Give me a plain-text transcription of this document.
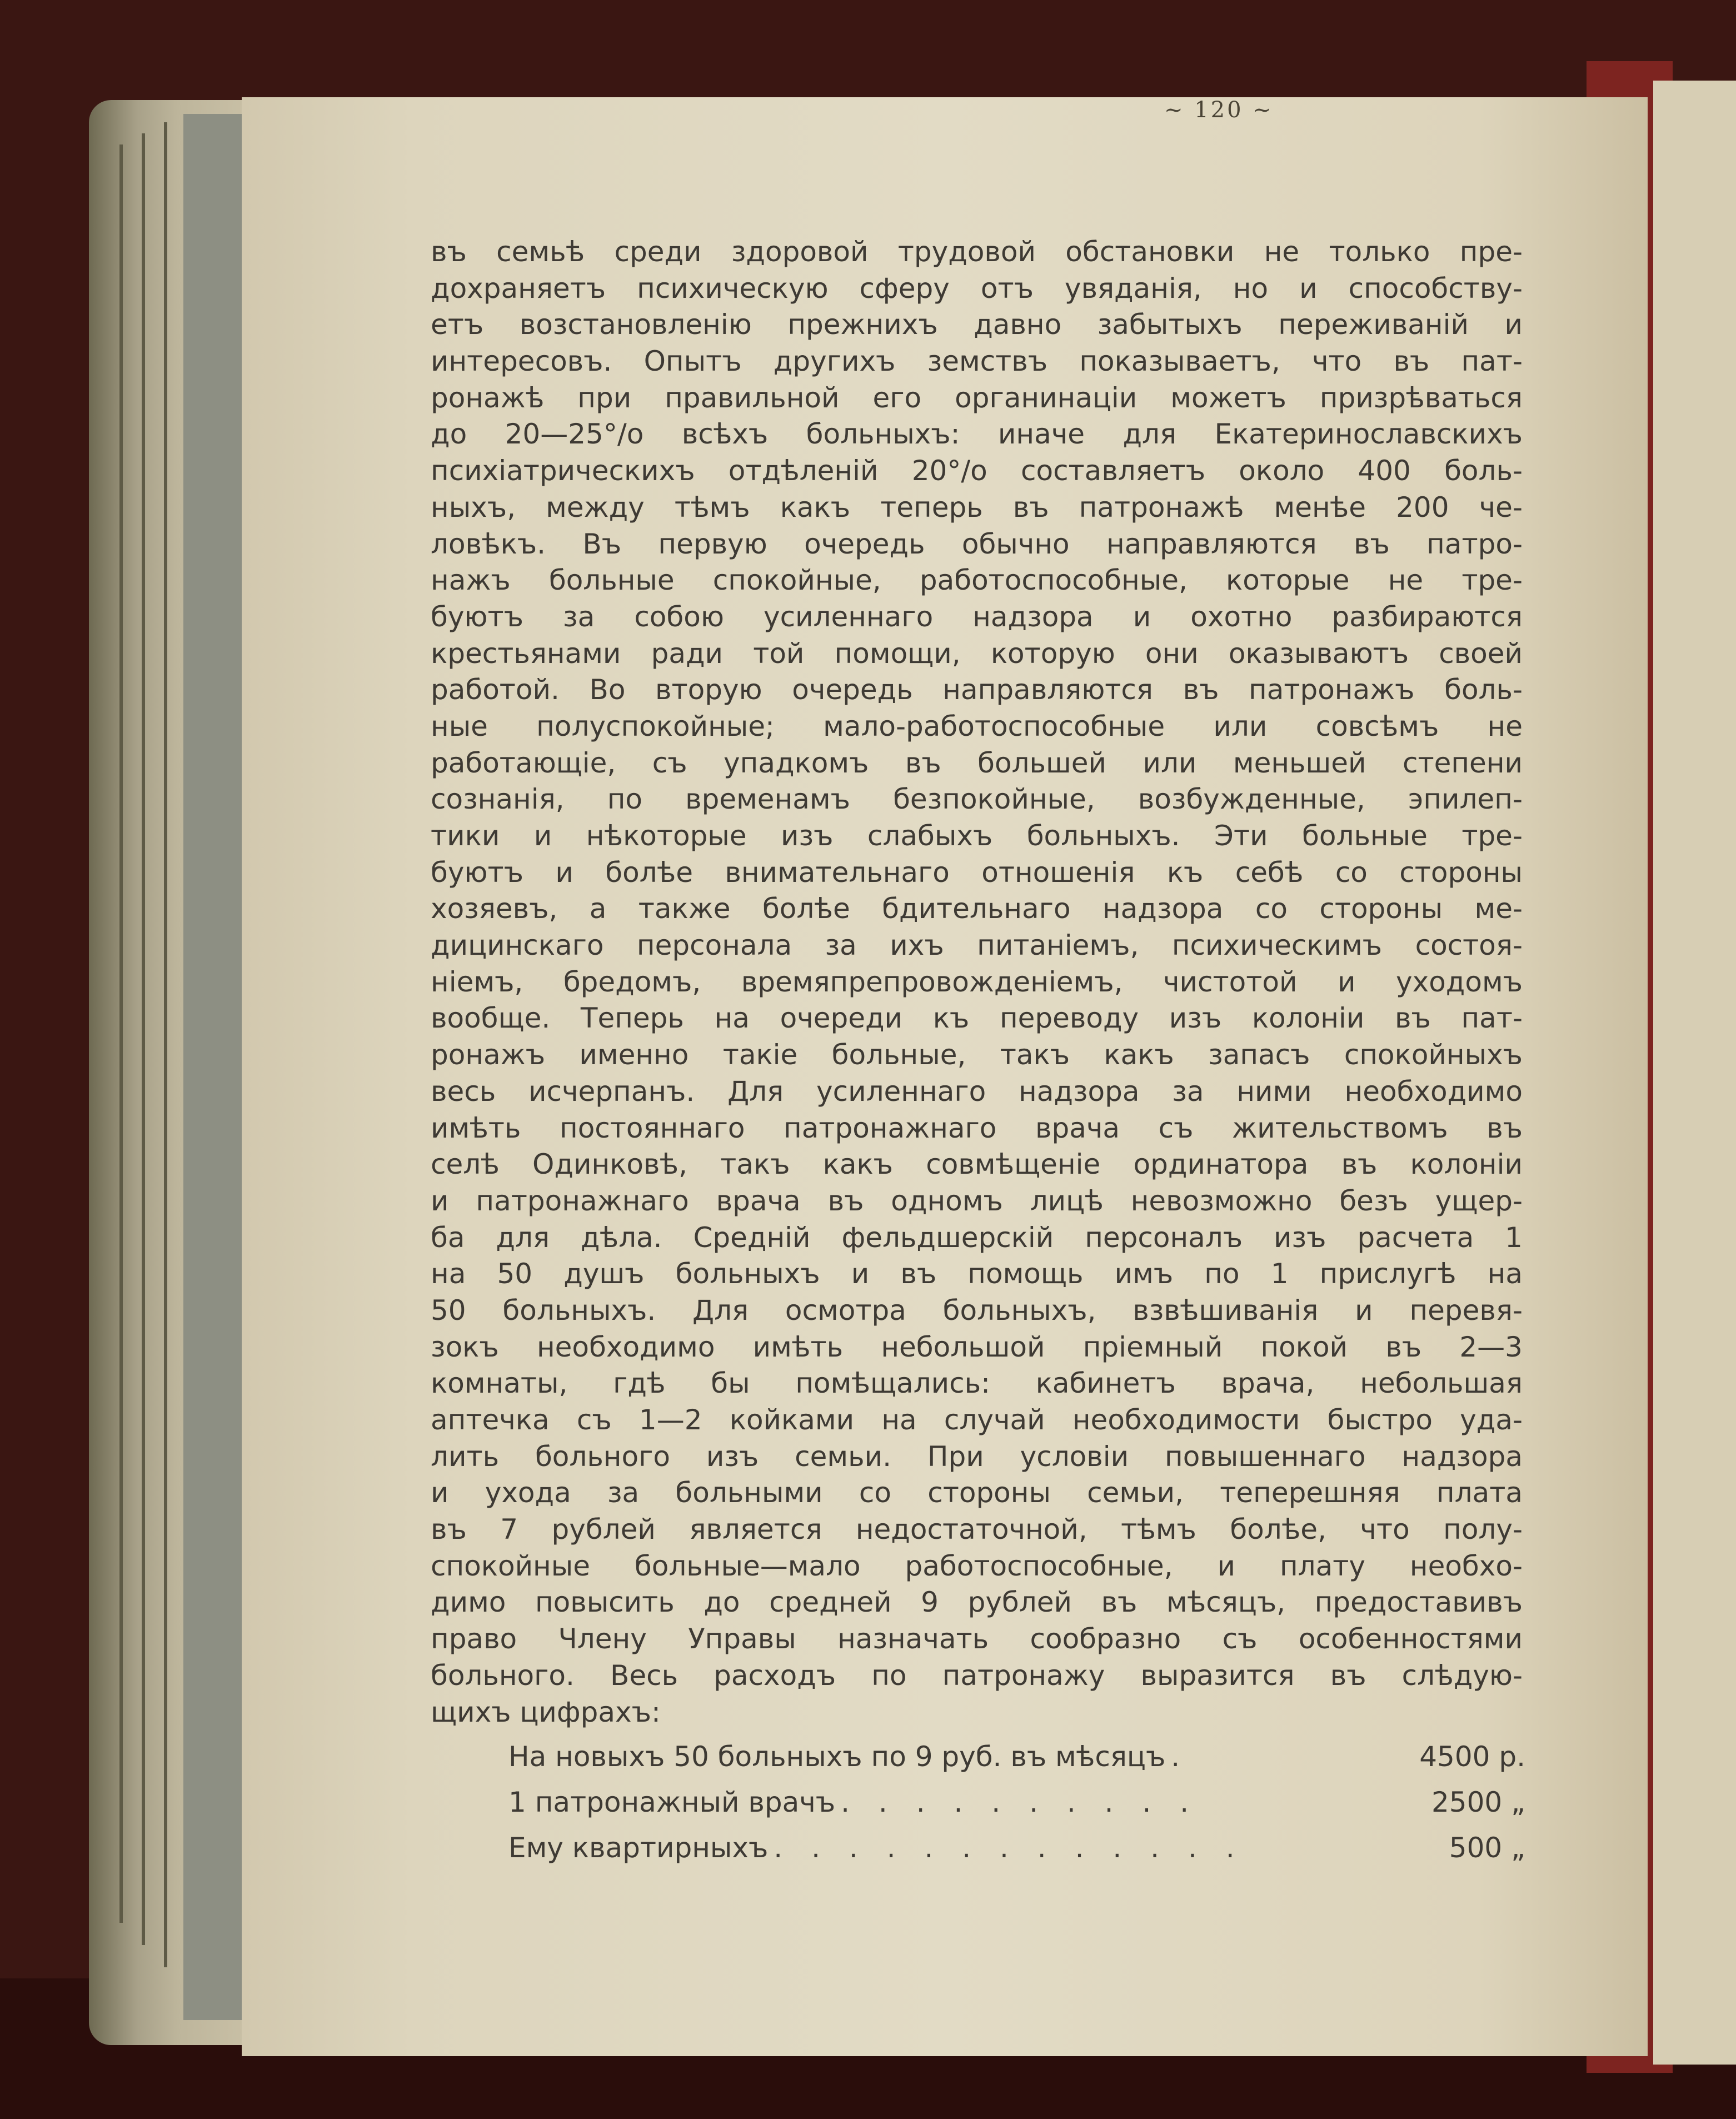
~ 120 ~
въ семьѣ среди здоровой трудовой обстановки не только пре-
дохраняетъ психическую сферу отъ увяданія, но и способству-
етъ возстановленію прежнихъ давно забытыхъ переживаній и
интересовъ. Опытъ другихъ земствъ показываетъ, что въ пат-
ронажѣ при правильной его органинаціи можетъ призрѣваться
до 20—25°/o всѣхъ больныхъ: иначе для Екатеринославскихъ
психіатрическихъ отдѣленій 20°/o составляетъ около 400 боль-
ныхъ, между тѣмъ какъ теперь въ патронажѣ менѣе 200 че-
ловѣкъ. Въ первую очередь обычно направляются въ патро-
нажъ больные спокойные, работоспособные, которые не тре-
буютъ за собою усиленнаго надзора и охотно разбираются
крестьянами ради той помощи, которую они оказываютъ своей
работой. Во вторую очередь направляются въ патронажъ боль-
ные полуспокойные; мало-работоспособные или совсѣмъ не
работающіе, съ упадкомъ въ большей или меньшей степени
сознанія, по временамъ безпокойные, возбужденные, эпилеп-
тики и нѣкоторые изъ слабыхъ больныхъ. Эти больные тре-
буютъ и болѣе внимательнаго отношенія къ себѣ со стороны
хозяевъ, а также болѣе бдительнаго надзора со стороны ме-
дицинскаго персонала за ихъ питаніемъ, психическимъ состоя-
ніемъ, бредомъ, времяпрепровожденіемъ, чистотой и уходомъ
вообще. Теперь на очереди къ переводу изъ колоніи въ пат-
ронажъ именно такіе больные, такъ какъ запасъ спокойныхъ
весь исчерпанъ. Для усиленнаго надзора за ними необходимо
имѣть постояннаго патронажнаго врача съ жительствомъ въ
селѣ Одинковѣ, такъ какъ совмѣщеніе ординатора въ колоніи
и патронажнаго врача въ одномъ лицѣ невозможно безъ ущер-
ба для дѣла. Среднiй фельдшерскiй персоналъ изъ расчета 1
на 50 душъ больныхъ и въ помощь имъ по 1 прислугѣ на
50 больныхъ. Для осмотра больныхъ, взвѣшиванія и перевя-
зокъ необходимо имѣть небольшой пріемный покой въ 2—3
комнаты, гдѣ бы помѣщались: кабинетъ врача, небольшая
аптечка съ 1—2 койками на случай необходимости быстро уда-
лить больного изъ семьи. При условіи повышеннаго надзора
и ухода за больными со стороны семьи, теперешняя плата
въ 7 рублей является недостаточной, тѣмъ болѣе, что полу-
спокойные больные—мало работоспособные, и плату необхо-
димо повысить до средней 9 рублей въ мѣсяцъ, предоставивъ
право Члену Управы назначать сообразно съ особенностями
больного. Весь расходъ по патронажу выразится въ слѣдую-
щихъ цифрахъ:
На новыхъ 50 больныхъ по 9 руб. въ мѣсяцъ .	4500 р.
1 патронажный врачъ . . . . . . . . . .	2500 „
Ему квартирныхъ . . . . . . . . . . . . .	500 „
